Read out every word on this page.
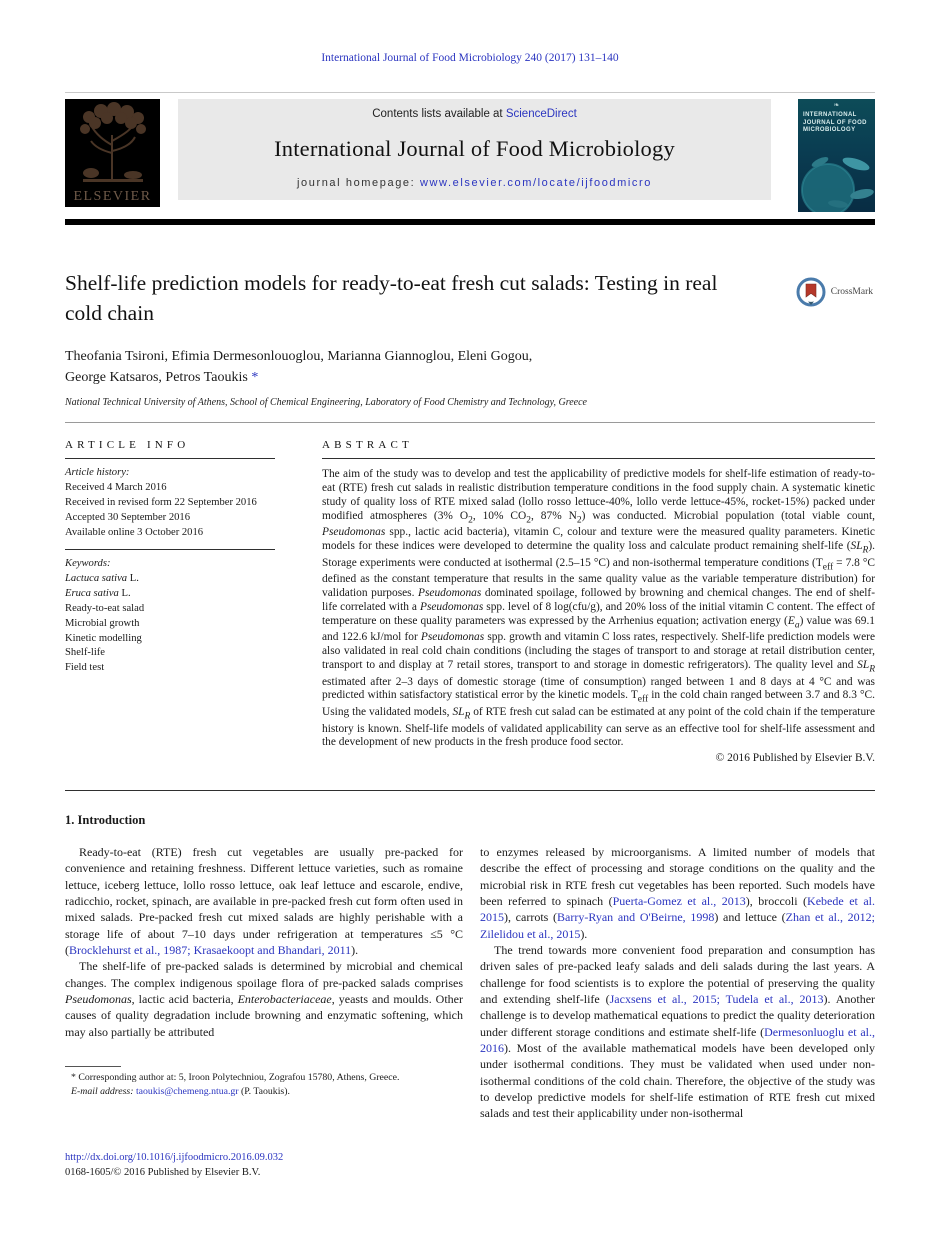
International Journal of Food Microbiology 240 (2017) 131–140
ELSEVIER
Contents lists available at ScienceDirect
International Journal of Food Microbiology
journal homepage: www.elsevier.com/locate/ijfoodmicro
❧
INTERNATIONAL
JOURNAL OF FOOD
MICROBIOLOGY
Shelf-life prediction models for ready-to-eat fresh cut salads: Testing in real cold chain
CrossMark
Theofania Tsironi, Efimia Dermesonlouoglou, Marianna Giannoglou, Eleni Gogou,
George Katsaros, Petros Taoukis *
National Technical University of Athens, School of Chemical Engineering, Laboratory of Food Chemistry and Technology, Greece
ARTICLE INFO
Article history:
Received 4 March 2016
Received in revised form 22 September 2016
Accepted 30 September 2016
Available online 3 October 2016
Keywords:
Lactuca sativa L.
Eruca sativa L.
Ready-to-eat salad
Microbial growth
Kinetic modelling
Shelf-life
Field test
ABSTRACT
The aim of the study was to develop and test the applicability of predictive models for shelf-life estimation of ready-to-eat (RTE) fresh cut salads in realistic distribution temperature conditions in the food supply chain. A systematic kinetic study of quality loss of RTE mixed salad (lollo rosso lettuce-40%, lollo verde lettuce-45%, rocket-15%) packed under modified atmospheres (3% $O_2$, 10% $CO_2$, 87% $N_2$) was conducted. Microbial population (total viable count, Pseudomonas spp., lactic acid bacteria), vitamin C, colour and texture were the measured quality parameters. Kinetic models for these indices were developed to determine the quality loss and calculate product remaining shelf-life $(SL_R)$. Storage experiments were conducted at isothermal (2.5–15 °C) and non-isothermal temperature conditions ($T_{eff} = 7.8$ °C defined as the constant temperature that results in the same quality value as the variable temperature distribution) for validation purposes. Pseudomonas dominated spoilage, followed by browning and chemical changes. The end of shelf-life correlated with a Pseudomonas spp. level of 8 log(cfu/g), and 20% loss of the initial vitamin C content. The effect of temperature on these quality parameters was expressed by the Arrhenius equation; activation energy $(E_a)$ value was 69.1 and 122.6 kJ/mol for Pseudomonas spp. growth and vitamin C loss rates, respectively. Shelf-life prediction models were also validated in real cold chain conditions (including the stages of transport to and storage at retail distribution center, transport to and display at 7 retail stores, transport to and storage in domestic refrigerators). The quality level and $SL_R$ estimated after 2–3 days of domestic storage (time of consumption) ranged between 1 and 8 days at 4 °C and was predicted within satisfactory statistical error by the kinetic models. $T_{eff}$ in the cold chain ranged between 3.7 and 8.3 °C. Using the validated models, $SL_R$ of RTE fresh cut salad can be estimated at any point of the cold chain if the temperature history is known. Shelf-life models of validated applicability can serve as an effective tool for shelf-life assessment and the development of new products in the fresh produce food sector.
© 2016 Published by Elsevier B.V.
1. Introduction

Ready-to-eat (RTE) fresh cut vegetables are usually pre-packed for convenience and retaining freshness. Different lettuce varieties, such as romaine lettuce, iceberg lettuce, lollo rosso lettuce, oak leaf lettuce and escarole, endive, radicchio, rocket, spinach, are available in pre-packed fresh cut form often used in mixed salads. Pre-packed fresh cut mixed salads are highly perishable with a storage life of about 7–10 days under refrigeration at temperatures ≤5 °C (Brocklehurst et al., 1987; Krasaekoopt and Bhandari, 2011).

The shelf-life of pre-packed salads is determined by microbial and chemical changes. The complex indigenous spoilage flora of pre-packed salads comprises Pseudomonas, lactic acid bacteria, Enterobacteriaceae, yeasts and moulds. Other causes of quality degradation include browning and enzymatic softening, which may also partially be attributed

* Corresponding author at: 5, Iroon Polytechniou, Zografou 15780, Athens, Greece.
E-mail address: taoukis@chemeng.ntua.gr (P. Taoukis).

to enzymes released by microorganisms. A limited number of models that describe the effect of processing and storage conditions on the quality and the microbial risk in RTE fresh cut vegetables has been reported. Such models have been referred to spinach (Puerta-Gomez et al., 2013), broccoli (Kebede et al. 2015), carrots (Barry-Ryan and O'Beirne, 1998) and lettuce (Zhan et al., 2012; Zilelidou et al., 2015).

The trend towards more convenient food preparation and consumption has driven sales of pre-packed leafy salads and deli salads during the last years. A challenge for food scientists is to explore the potential of preserving the quality and extending shelf-life (Jacxsens et al., 2015; Tudela et al., 2013). Another challenge is to develop mathematical equations to predict the quality deterioration under different storage conditions and estimate shelf-life (Dermesonluoglu et al., 2016). Most of the available mathematical models have been developed only under isothermal conditions. They must be validated when used under non-isothermal conditions of the cold chain. Therefore, the objective of the study was to develop predictive models for shelf-life estimation of RTE fresh cut mixed salads and test their applicability under non-isothermal

http://dx.doi.org/10.1016/j.ijfoodmicro.2016.09.032
0168-1605/© 2016 Published by Elsevier B.V.
